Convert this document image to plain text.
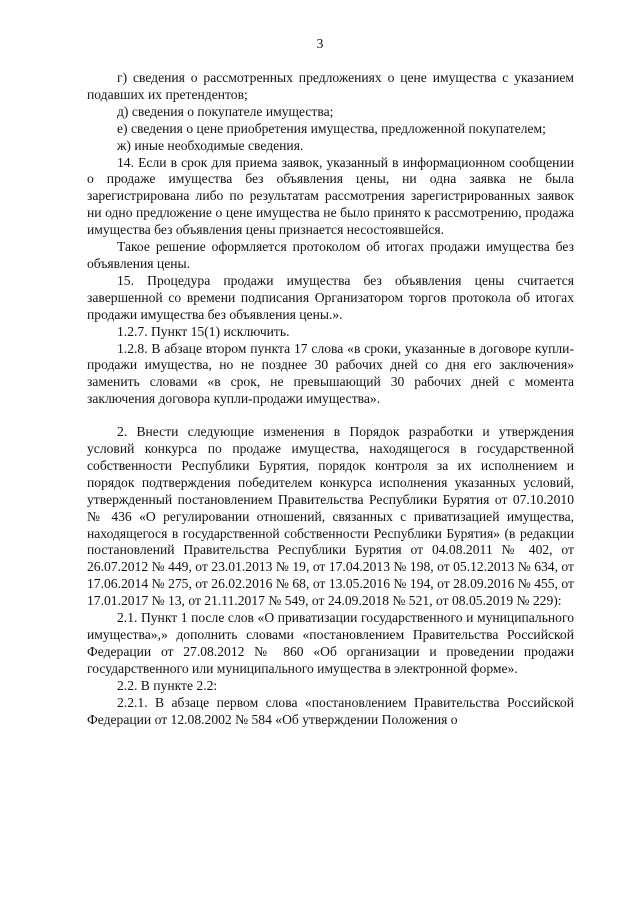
3

г) сведения о рассмотренных предложениях о цене имущества с указанием подавших их претендентов;

д) сведения о покупателе имущества;

е) сведения о цене приобретения имущества, предложенной покупателем;

ж) иные необходимые сведения.

14. Если в срок для приема заявок, указанный в информационном сообщении о продаже имущества без объявления цены, ни одна заявка не была зарегистрирована либо по результатам рассмотрения зарегистрированных заявок ни одно предложение о цене имущества не было принято к рассмотрению, продажа имущества без объявления цены признается несостоявшейся.

Такое решение оформляется протоколом об итогах продажи имущества без объявления цены.

15. Процедура продажи имущества без объявления цены считается завершенной со времени подписания Организатором торгов протокола об итогах продажи имущества без объявления цены.».

1.2.7. Пункт 15(1) исключить.

1.2.8. В абзаце втором пункта 17 слова «в сроки, указанные в договоре купли-продажи имущества, но не позднее 30 рабочих дней со дня его заключения» заменить словами «в срок, не превышающий 30 рабочих дней с момента заключения договора купли-продажи имущества».

2. Внести следующие изменения в Порядок разработки и утверждения условий конкурса по продаже имущества, находящегося в государственной собственности Республики Бурятия, порядок контроля за их исполнением и порядок подтверждения победителем конкурса исполнения указанных условий, утвержденный постановлением Правительства Республики Бурятия от 07.10.2010 № 436 «О регулировании отношений, связанных с приватизацией имущества, находящегося в государственной собственности Республики Бурятия» (в редакции постановлений Правительства Республики Бурятия от 04.08.2011 № 402, от 26.07.2012 № 449, от 23.01.2013 № 19, от 17.04.2013 № 198, от 05.12.2013 № 634, от 17.06.2014 № 275, от 26.02.2016 № 68, от 13.05.2016 № 194, от 28.09.2016 № 455, от 17.01.2017 № 13, от 21.11.2017 № 549, от 24.09.2018 № 521, от 08.05.2019 № 229):

2.1. Пункт 1 после слов «О приватизации государственного и муниципального имущества»,» дополнить словами «постановлением Правительства Российской Федерации от 27.08.2012 № 860 «Об организации и проведении продажи государственного или муниципального имущества в электронной форме».

2.2. В пункте 2.2:

2.2.1. В абзаце первом слова «постановлением Правительства Российской Федерации от 12.08.2002 № 584 «Об утверждении Положения о
